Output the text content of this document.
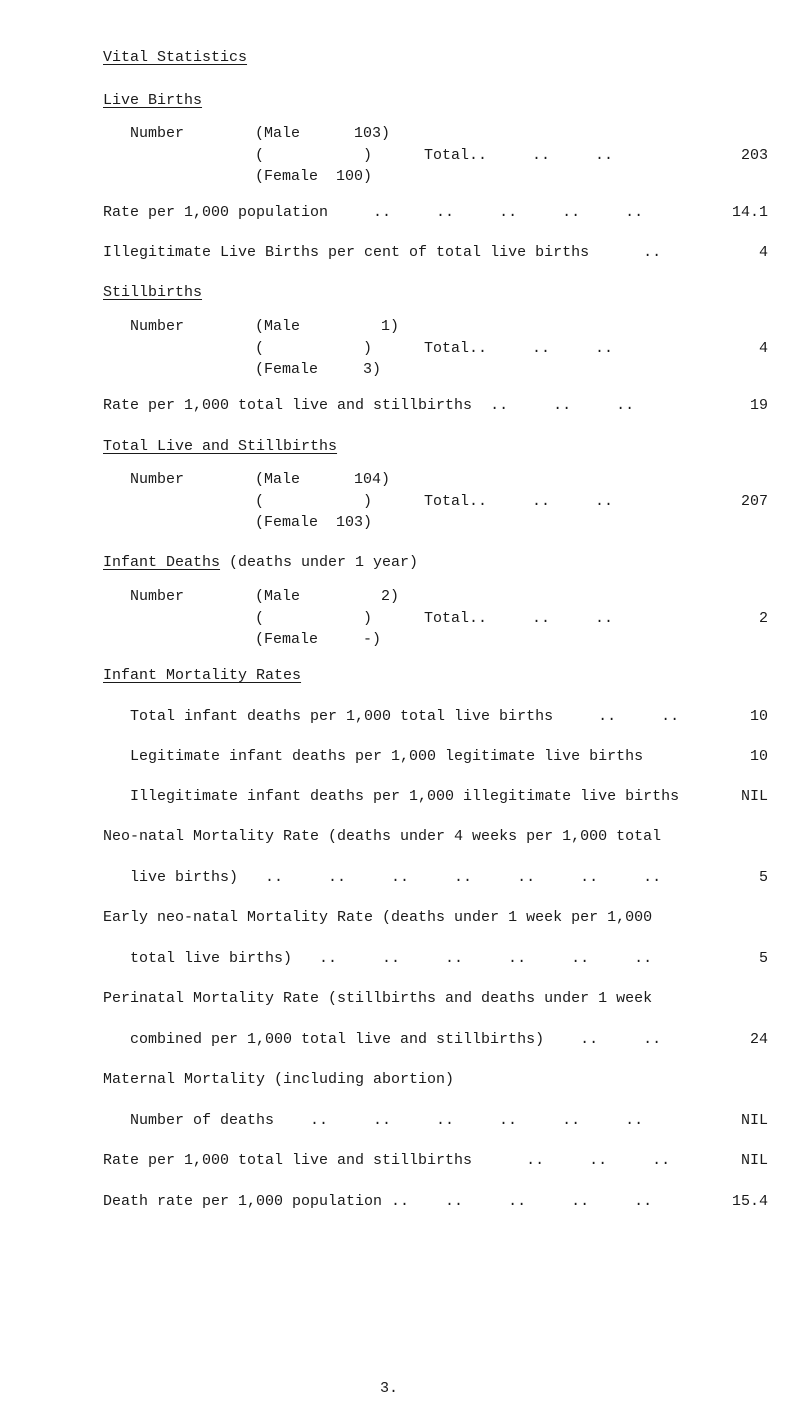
Vital Statistics
Live Births
Number	(Male      103)
(           )
(Female  100)
Total..     ..     ..	203
Rate per 1,000 population     ..     ..     ..     ..     ..	14.1
Illegitimate Live Births per cent of total live births      ..	4
Stillbirths
Number	(Male         1)
(           )
(Female     3)
Total..     ..     ..	4
Rate per 1,000 total live and stillbirths  ..     ..     ..	19
Total Live and Stillbirths
Number	(Male      104)
(           )
(Female  103)
Total..     ..     ..	207
Infant Deaths (deaths under 1 year)
Number	(Male         2)
(           )
(Female     -)
Total..     ..     ..	2
Infant Mortality Rates
Total infant deaths per 1,000 total live births     ..     ..	10
Legitimate infant deaths per 1,000 legitimate live births	10
Illegitimate infant deaths per 1,000 illegitimate live births	NIL
Neo-natal Mortality Rate (deaths under 4 weeks per 1,000 total
live births)   ..     ..     ..     ..     ..     ..     ..	5
Early neo-natal Mortality Rate (deaths under 1 week per 1,000
total live births)   ..     ..     ..     ..     ..     ..	5
Perinatal Mortality Rate (stillbirths and deaths under 1 week
combined per 1,000 total live and stillbirths)    ..     ..	24
Maternal Mortality (including abortion)
Number of deaths    ..     ..     ..     ..     ..     ..	NIL
Rate per 1,000 total live and stillbirths      ..     ..     ..	NIL
Death rate per 1,000 population ..    ..     ..     ..     ..	15.4
3.
